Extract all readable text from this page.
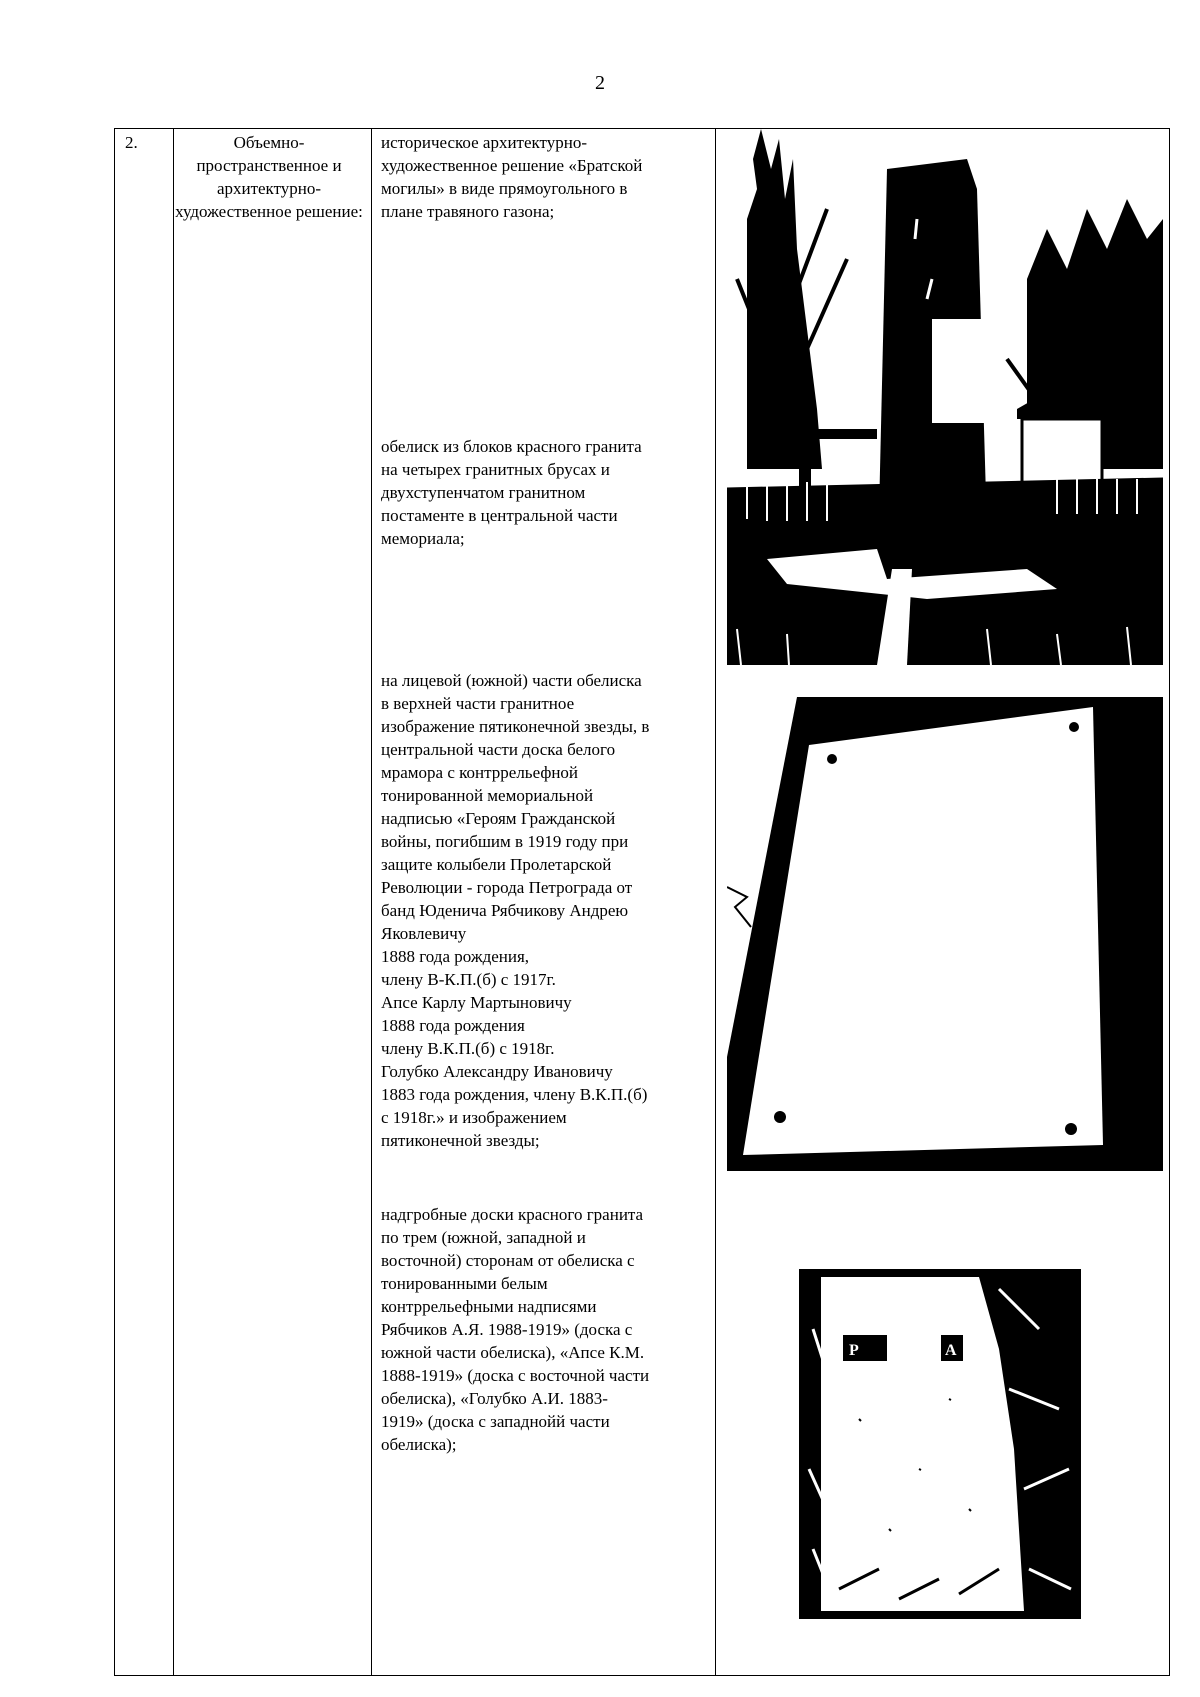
2
2.	Объемно-пространственное и архитектурно-художественное решение:
историческое архитектурно-
художественное решение «Братской
могилы» в виде прямоугольного в
плане травяного газона;
обелиск из блоков красного гранита
на четырех гранитных брусах и
двухступенчатом гранитном
постаменте в центральной части
мемориала;
на лицевой (южной) части обелиска
в верхней части гранитное
изображение пятиконечной звезды, в
центральной части доска белого
мрамора с контррельефной
тонированной мемориальной
надписью «Героям Гражданской
войны, погибшим в 1919 году при
защите колыбели Пролетарской
Революции - города Петрограда от
банд Юденича Рябчикову Андрею
Яковлевичу
1888 года рождения,
члену В-К.П.(б) с 1917г.
Апсе Карлу Мартыновичу
1888 года рождения
члену В.К.П.(б) с 1918г.
Голубко Александру Ивановичу
1883 года рождения, члену В.К.П.(б)
с 1918г.» и изображением
пятиконечной звезды;
надгробные доски красного гранита
по трем (южной, западной и
восточной) сторонам от обелиска с
тонированными белым
контррельефными надписями
Рябчиков А.Я. 1988-1919» (доска с
южной части обелиска), «Апсе К.М.
1888-1919» (доска с восточной части
обелиска), «Голубко А.И. 1883-
1919» (доска с западнойй части
обелиска);
Р	А
